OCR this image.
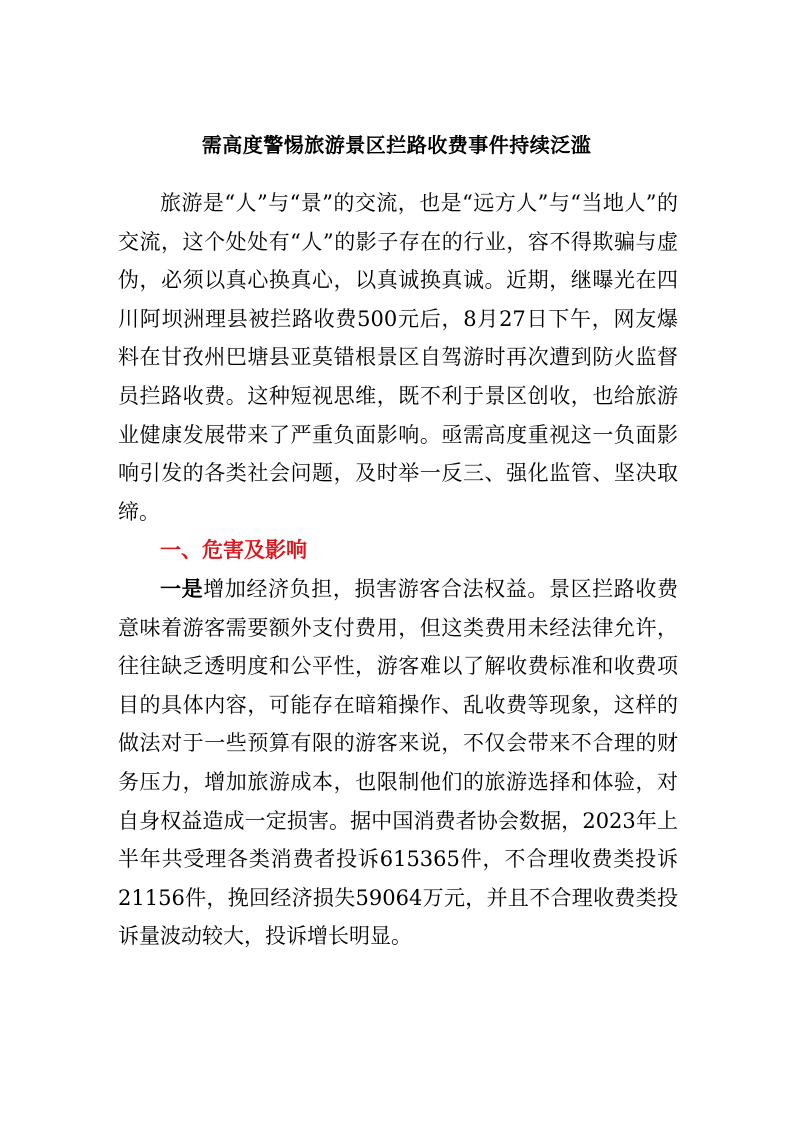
需高度警惕旅游景区拦路收费事件持续泛滥

旅游是“人”与“景”的交流，也是“远方人”与“当地人”的交流，这个处处有“人”的影子存在的行业，容不得欺骗与虚伪，必须以真心换真心，以真诚换真诚。近期，继曝光在四川阿坝洲理县被拦路收费500元后，8月27日下午，网友爆料在甘孜州巴塘县亚莫错根景区自驾游时再次遭到防火监督员拦路收费。这种短视思维，既不利于景区创收，也给旅游业健康发展带来了严重负面影响。亟需高度重视这一负面影响引发的各类社会问题，及时举一反三、强化监管、坚决取缔。

一、危害及影响

一是增加经济负担，损害游客合法权益。景区拦路收费意味着游客需要额外支付费用，但这类费用未经法律允许，往往缺乏透明度和公平性，游客难以了解收费标准和收费项目的具体内容，可能存在暗箱操作、乱收费等现象，这样的做法对于一些预算有限的游客来说，不仅会带来不合理的财务压力，增加旅游成本，也限制他们的旅游选择和体验，对自身权益造成一定损害。据中国消费者协会数据，2023年上半年共受理各类消费者投诉615365件，不合理收费类投诉21156件，挽回经济损失59064万元，并且不合理收费类投诉量波动较大，投诉增长明显。
